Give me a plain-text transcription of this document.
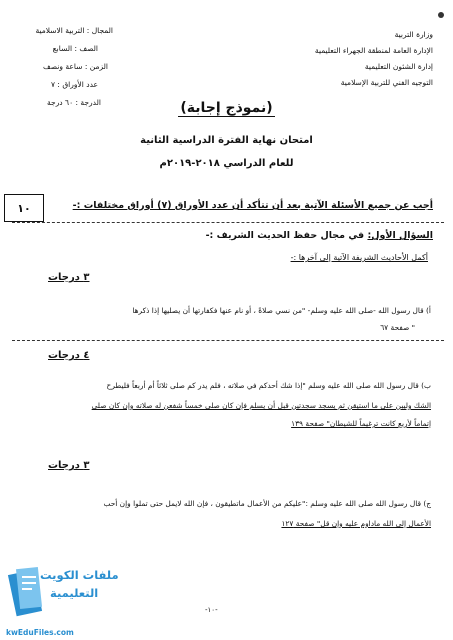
وزارة التربية
الإدارة العامة لمنطقة الجهراء التعليمية
إدارة الشئون التعليمية
التوجيه الفني للتربية الإسلامية
المجال : التربية الاسلامية
الصف : السابع
الزمن : ساعة ونصف
عدد الأوراق : ٧
الدرجة : ٦٠ درجة	(نموذج إجابة)
امتحان نهاية الفترة الدراسية الثانية
للعام الدراسي ٢٠١٨-٢٠١٩م
١٠	أجب عن جميع الأسئلة الآتية بعد أن تتأكد أن عدد الأوراق (٧) أوراق مختلفات :-
السؤال الأول: في مجال حفظ الحديث الشريف :-
أكمل الأحاديث الشريفة الآتية إلى آخرها :-
٣ درجات
أ) قال رسول الله -صلى الله عليه وسلم- "من نسي صلاةً ، أو نام عنها فكفارتها أن يصليها إذا ذكرها
" صفحة ٦٧
٤ درجات
ب) قال رسول الله صلى الله عليه وسلم "إذا شك أحدكم في صلاته ، فلم يدر كم صلى ثلاثاً أم أربعاً فليطرح
الشك وليبن على ما استيقن ثم يسجد سجدتين قبل أن يسلم فإن كان صلى خمساً شفعن له صلاته وإن كان صلى
إتماماً لأربع كانت ترغيماً للشيطان" صفحة ١٣٩
٣ درجات
ج) قال رسول الله صلى الله عليه وسلم :"عليكم من الأعمال ماتطيقون ، فإن الله لايمل حتى تملوا وإن أحب
الأعمال إلى الله ماداوم عليه وإن قل" صفحة ١٢٧
-١٠-
ملفات الكويت
التعليمية
kwEduFiles.com
